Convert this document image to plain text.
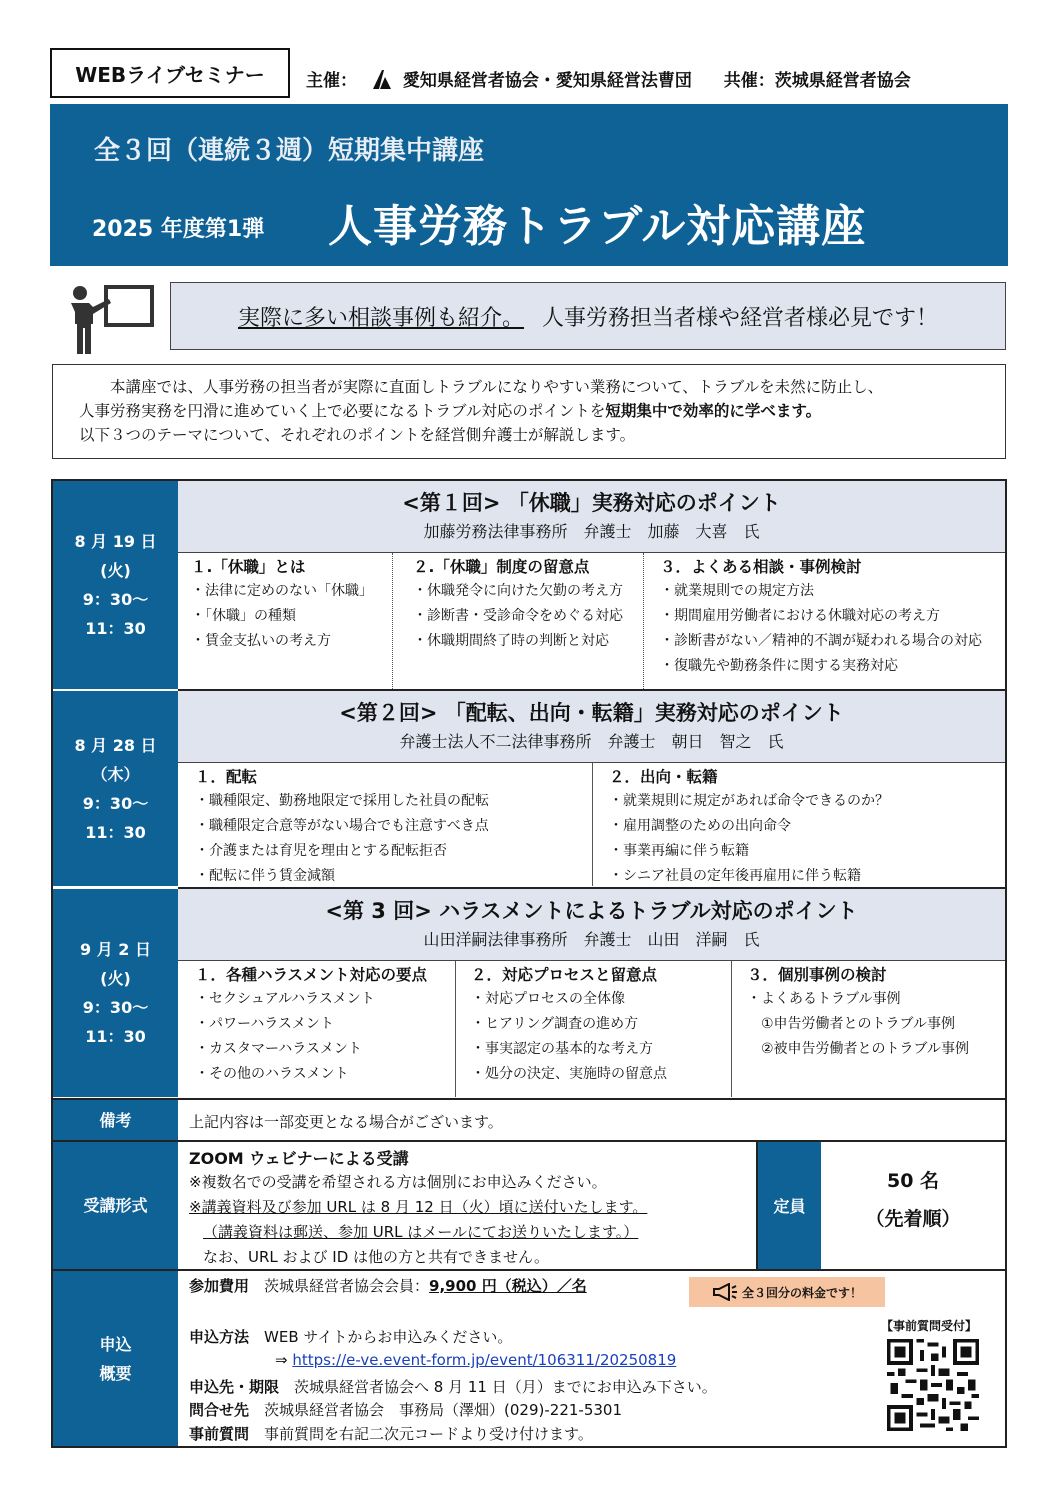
WEBライブセミナー	主催：	愛知県経営者協会・愛知県経営法曹団 共催：茨城県経営者協会
全３回（連続３週）短期集中講座
2025 年度第1弾 人事労務トラブル対応講座
実際に多い相談事例も紹介。 人事労務担当者様や経営者様必見です！

　　本講座では、人事労務の担当者が実際に直面しトラブルになりやすい業務について、トラブルを未然に防止し、

人事労務実務を円滑に進めていく上で必要になるトラブル対応のポイントを短期集中で効率的に学べます。

以下３つのテーマについて、それぞれのポイントを経営側弁護士が解説します。

8 月 19 日
(火)
9：30～
11：30
<第１回> 「休職」実務対応のポイント
加藤労務法律事務所　弁護士　加藤　大喜　氏
１.「休職」とは
・法律に定めのない「休職」
・「休職」の種類
・賃金支払いの考え方
２.「休職」制度の留意点
・休職発令に向けた欠勤の考え方
・診断書・受診命令をめぐる対応
・休職期間終了時の判断と対応
３．よくある相談・事例検討
・就業規則での規定方法
・期間雇用労働者における休職対応の考え方
・診断書がない／精神的不調が疑われる場合の対応
・復職先や勤務条件に関する実務対応
8 月 28 日
（木）
9：30～
11：30
<第２回> 「配転、出向・転籍」実務対応のポイント
弁護士法人不二法律事務所　弁護士　朝日　智之　氏
１．配転
・職種限定、勤務地限定で採用した社員の配転
・職種限定合意等がない場合でも注意すべき点
・介護または育児を理由とする配転拒否
・配転に伴う賃金減額
２．出向・転籍
・就業規則に規定があれば命令できるのか？
・雇用調整のための出向命令
・事業再編に伴う転籍
・シニア社員の定年後再雇用に伴う転籍
9 月 2 日
(火)
9：30～
11：30
<第 3 回> ハラスメントによるトラブル対応のポイント
山田洋嗣法律事務所　弁護士　山田　洋嗣　氏
１．各種ハラスメント対応の要点
・セクシュアルハラスメント
・パワーハラスメント
・カスタマーハラスメント
・その他のハラスメント
２．対応プロセスと留意点
・対応プロセスの全体像
・ヒアリング調査の進め方
・事実認定の基本的な考え方
・処分の決定、実施時の留意点
３．個別事例の検討
・よくあるトラブル事例
　①申告労働者とのトラブル事例
　②被申告労働者とのトラブル事例
備考	上記内容は一部変更となる場合がございます。
受講形式
ZOOM ウェビナーによる受講
※複数名での受講を希望される方は個別にお申込みください。
※講義資料及び参加 URL は 8 月 12 日（火）頃に送付いたします。
（講義資料は郵送、参加 URL はメールにてお送りいたします。）
なお、URL および ID は他の方と共有できません。
定員
50 名
（先着順）
申込
概要
参加費用　 茨城県経営者協会会員：9,900 円（税込）／名	全３回分の料金です！
申込方法　 WEB サイトからお申込みください。
⇒ https://e-ve.event-form.jp/event/106311/20250819
申込先・期限　 茨城県経営者協会へ 8 月 11 日（月）までにお申込み下さい。
問合せ先　 茨城県経営者協会　事務局（澤畑）(029)-221-5301
事前質問　 事前質問を右記二次元コードより受け付けます。
【事前質問受付】
